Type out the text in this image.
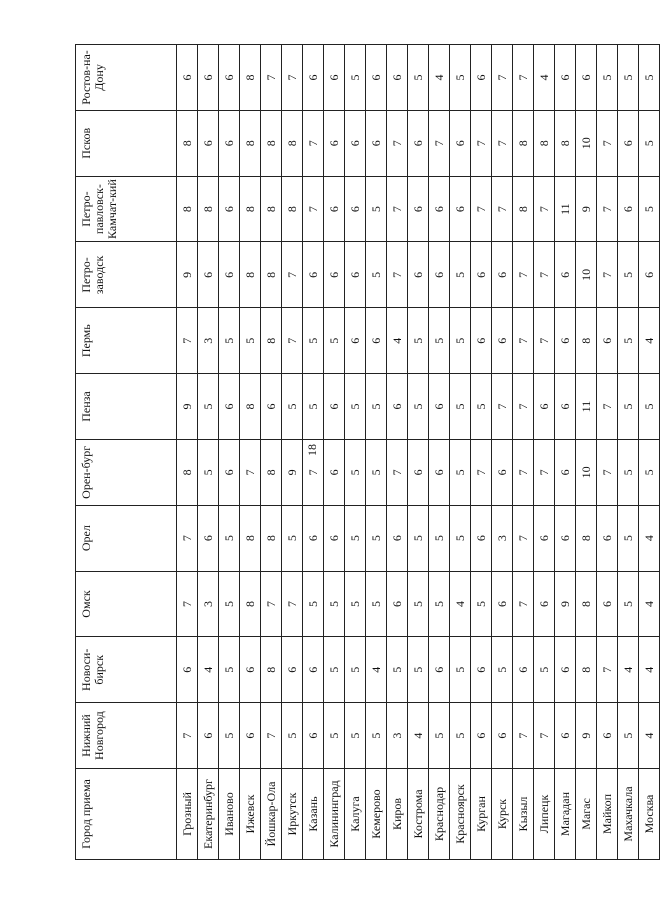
18
Город приема	Нижний Новгород	Новоси-бирск	Омск	Орел	Орен-бург	Пенза	Пермь	Петро-заводск	Петро-павловск-Камчат-кий	Псков	Ростов-на-Дону
Грозный	7	6	7	7	8	9	7	9	8	8	6
Екатеринбург	6	4	3	6	5	5	3	6	8	6	6
Иваново	5	5	5	5	6	6	5	6	6	6	6
Ижевск	6	6	8	8	7	8	5	8	8	8	8
Йошкар-Ола	7	8	7	8	8	6	8	8	8	8	7
Иркутск	5	6	7	5	9	5	7	7	8	8	7
Казань	6	6	5	6	7	5	5	6	7	7	6
Калининград	5	5	5	6	6	6	5	6	6	6	6
Калуга	5	5	5	5	5	5	6	6	6	6	5
Кемерово	5	4	5	5	5	5	6	5	5	6	6
Киров	3	5	6	6	7	6	4	7	7	7	6
Кострома	4	5	5	5	6	5	5	6	6	6	5
Краснодар	5	6	5	5	6	6	5	6	6	7	4
Красноярск	5	5	4	5	5	5	5	5	6	6	5
Курган	6	6	5	6	7	5	6	6	7	7	6
Курск	6	5	6	3	6	7	6	6	7	7	7
Кызыл	7	6	7	7	7	7	7	7	8	8	7
Липецк	7	5	6	6	7	6	7	7	7	8	4
Магадан	6	6	9	6	6	6	6	6	11	8	6
Магас	9	8	8	8	10	11	8	10	9	10	6
Майкоп	6	7	6	6	7	7	6	7	7	7	5
Махачкала	5	4	5	5	5	5	5	5	6	6	5
Москва	4	4	4	4	5	5	4	6	5	5	5
